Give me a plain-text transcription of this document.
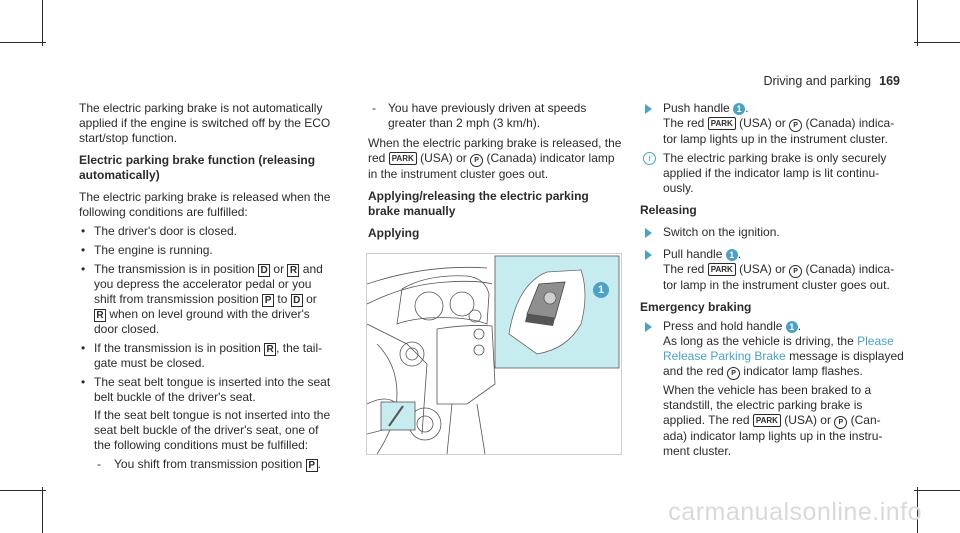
Driving and parking 169

The electric parking brake is not automatically

applied if the engine is switched off by the ECO

start/stop function.

Electric parking brake function (releasing

automatically)

The electric parking brake is released when the

following conditions are fulfilled:

• The driver's door is closed.
• The engine is running.
• The transmission is in position D or R and
you depress the accelerator pedal or you
shift from transmission position P to D or
R when on level ground with the driver's
door closed.
• If the transmission is in position R , the tail-
gate must be closed.
• The seat belt tongue is inserted into the seat
belt buckle of the driver's seat.
If the seat belt tongue is not inserted into the
seat belt buckle of the driver's seat, one of
the following conditions must be fulfilled:
- You shift from transmission position P .
- You have previously driven at speeds
greater than 2 mph (3 km/h).

When the electric parking brake is released, the

red PARK (USA) or P (Canada) indicator lamp

in the instrument cluster goes out.

Applying/releasing the electric parking

brake manually

Applying

1
Push handle 1 .
The red PARK (USA) or P (Canada) indica-
tor lamp lights up in the instrument cluster.
i	The electric parking brake is only securely
applied if the indicator lamp is lit continu-
ously.

Releasing

Switch on the ignition.
Pull handle 1 .
The red PARK (USA) or P (Canada) indica-
tor lamp in the instrument cluster goes out.

Emergency braking

Press and hold handle 1 .
As long as the vehicle is driving, the Please
Release Parking Brake message is displayed
and the red P indicator lamp flashes.
When the vehicle has been braked to a
standstill, the electric parking brake is
applied. The red PARK (USA) or P (Can-
ada) indicator lamp lights up in the instru-
ment cluster.
carmanualsonline.info
